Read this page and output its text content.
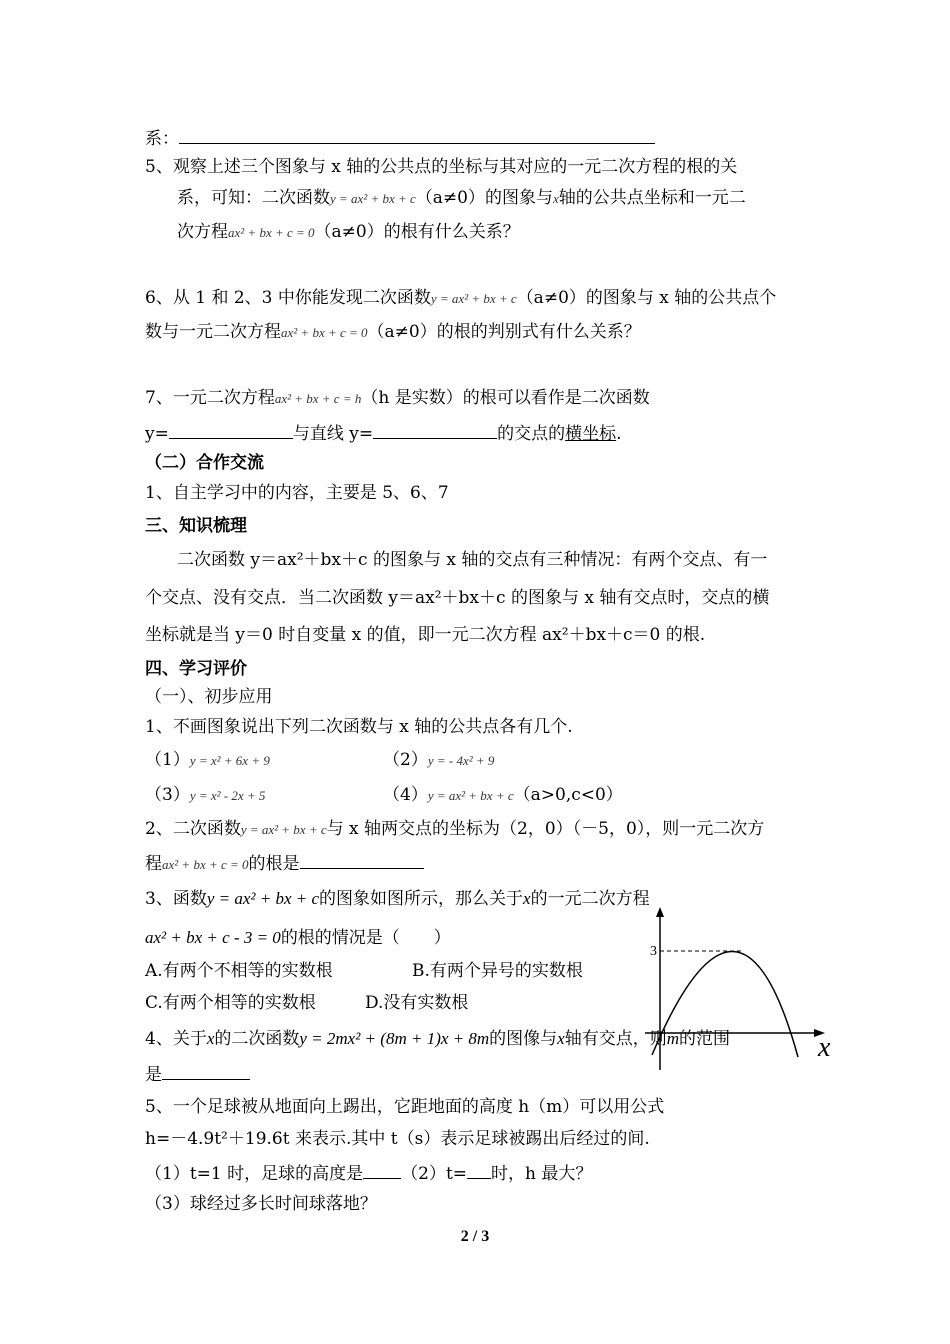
系：
5、观察上述三个图象与 x 轴的公共点的坐标与其对应的一元二次方程的根的关
系，可知：二次函数y = ax² + bx + c（a≠0）的图象与x轴的公共点坐标和一元二
次方程ax² + bx + c = 0（a≠0）的根有什么关系？
6、从 1 和 2、3 中你能发现二次函数y = ax² + bx + c（a≠0）的图象与 x 轴的公共点个
数与一元二次方程ax² + bx + c = 0（a≠0）的根的判别式有什么关系？
7、一元二次方程ax² + bx + c = h（h 是实数）的根可以看作是二次函数
y=	与直线 y=	的交点的横坐标.
（二）合作交流
1、自主学习中的内容，主要是 5、6、7
三、知识梳理
二次函数 y＝ax²＋bx＋c 的图象与 x 轴的交点有三种情况：有两个交点、有一
个交点、没有交点．当二次函数 y＝ax²＋bx＋c 的图象与 x 轴有交点时，交点的横
坐标就是当 y＝0 时自变量 x 的值，即一元二次方程 ax²＋bx＋c＝0 的根.
四、学习评价
（一）、初步应用
1、不画图象说出下列二次函数与 x 轴的公共点各有几个.
（1）y = x² + 6x + 9	（2）y = - 4x² + 9
（3）y = x² - 2x + 5	（4）y = ax² + bx + c（a>0,c<0）
2、二次函数y = ax² + bx + c与 x 轴两交点的坐标为（2，0）（－5，0），则一元二次方
程ax² + bx + c = 0的根是
3、函数y = ax² + bx + c的图象如图所示，那么关于x的一元二次方程
ax² + bx + c - 3 = 0的根的情况是（　　）
A.有两个不相等的实数根	B.有两个异号的实数根
C.有两个相等的实数根	D.没有实数根
4、关于x的二次函数y = 2mx² + (8m + 1)x + 8m的图像与x轴有交点，则m的范围
是
5、一个足球被从地面向上踢出，它距地面的高度 h（m）可以用公式
h=－4.9t²＋19.6t 来表示.其中 t（s）表示足球被踢出后经过的间.
（1）t=1 时，足球的高度是 （2）t= 时，h 最大？
（3）球经过多长时间球落地？
3
x
2 / 3
